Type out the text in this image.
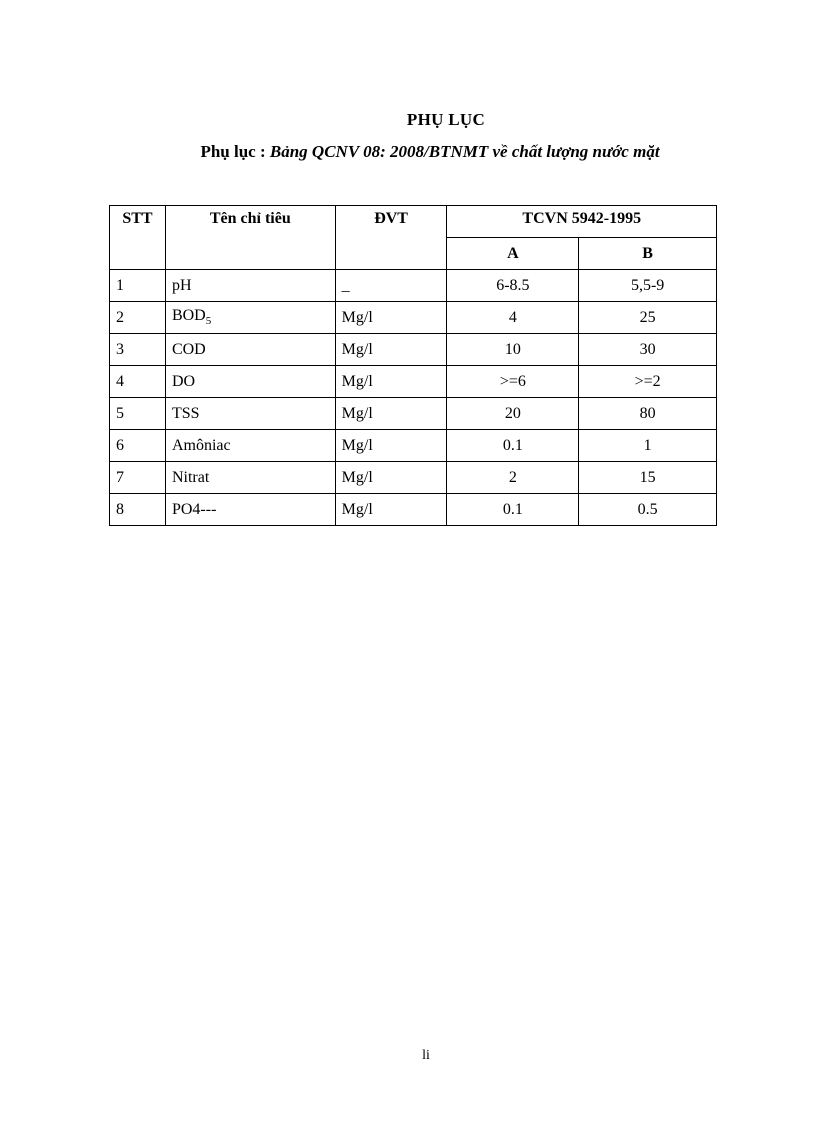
PHỤ LỤC

Phụ lục : Bảng QCNV 08: 2008/BTNMT về chất lượng nước mặt

STT	Tên chỉ tiêu	ĐVT	TCVN 5942-1995	
			A	B
1	pH	_	6-8.5	5,5-9
2	$BOD_5$	Mg/l	4	25
3	COD	Mg/l	10	30
4	DO	Mg/l	>=6	>=2
5	TSS	Mg/l	20	80
6	Amôniac	Mg/l	0.1	1
7	Nitrat	Mg/l	2	15
8	PO4---	Mg/l	0.1	0.5
li
